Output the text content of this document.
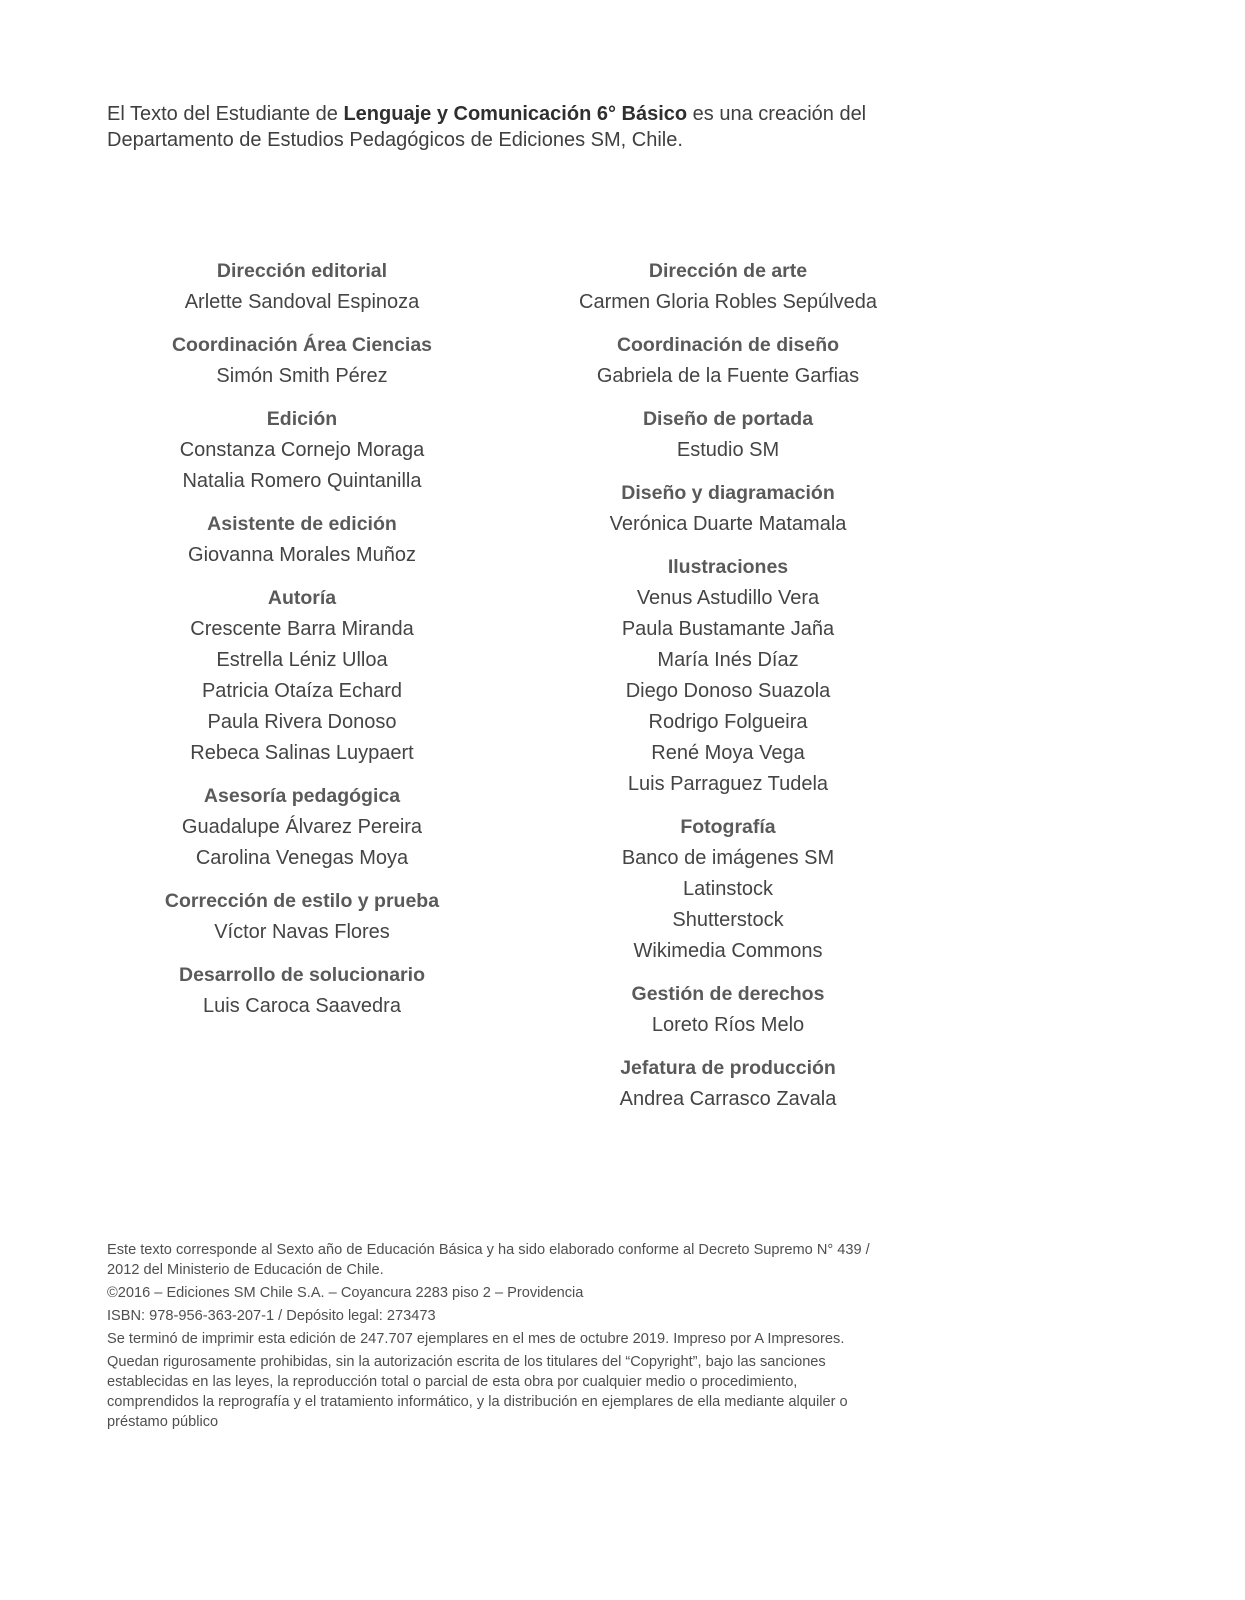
El Texto del Estudiante de Lenguaje y Comunicación 6° Básico es una creación del Departamento de Estudios Pedagógicos de Ediciones SM, Chile.
Dirección editorial
Arlette Sandoval Espinoza
Coordinación Área Ciencias
Simón Smith Pérez
Edición
Constanza Cornejo Moraga
Natalia Romero Quintanilla
Asistente de edición
Giovanna Morales Muñoz
Autoría
Crescente Barra Miranda
Estrella Léniz Ulloa
Patricia Otaíza Echard
Paula Rivera Donoso
Rebeca Salinas Luypaert
Asesoría pedagógica
Guadalupe Álvarez Pereira
Carolina Venegas Moya
Corrección de estilo y prueba
Víctor Navas Flores
Desarrollo de solucionario
Luis Caroca Saavedra
Dirección de arte
Carmen Gloria Robles Sepúlveda
Coordinación de diseño
Gabriela de la Fuente Garfias
Diseño de portada
Estudio SM
Diseño y diagramación
Verónica Duarte Matamala
Ilustraciones
Venus Astudillo Vera
Paula Bustamante Jaña
María Inés Díaz
Diego Donoso Suazola
Rodrigo Folgueira
René Moya Vega
Luis Parraguez Tudela
Fotografía
Banco de imágenes SM
Latinstock
Shutterstock
Wikimedia Commons
Gestión de derechos
Loreto Ríos Melo
Jefatura de producción
Andrea Carrasco Zavala

Este texto corresponde al Sexto año de Educación Básica y ha sido elaborado conforme al Decreto Supremo N° 439 / 2012 del Ministerio de Educación de Chile.

©2016 – Ediciones SM Chile S.A. – Coyancura 2283 piso 2 – Providencia

ISBN: 978-956-363-207-1 / Depósito legal: 273473

Se terminó de imprimir esta edición de 247.707 ejemplares en el mes de octubre 2019. Impreso por A Impresores.

Quedan rigurosamente prohibidas, sin la autorización escrita de los titulares del “Copyright”, bajo las sanciones establecidas en las leyes, la reproducción total o parcial de esta obra por cualquier medio o procedimiento, comprendidos la reprografía y el tratamiento informático, y la distribución en ejemplares de ella mediante alquiler o préstamo público
